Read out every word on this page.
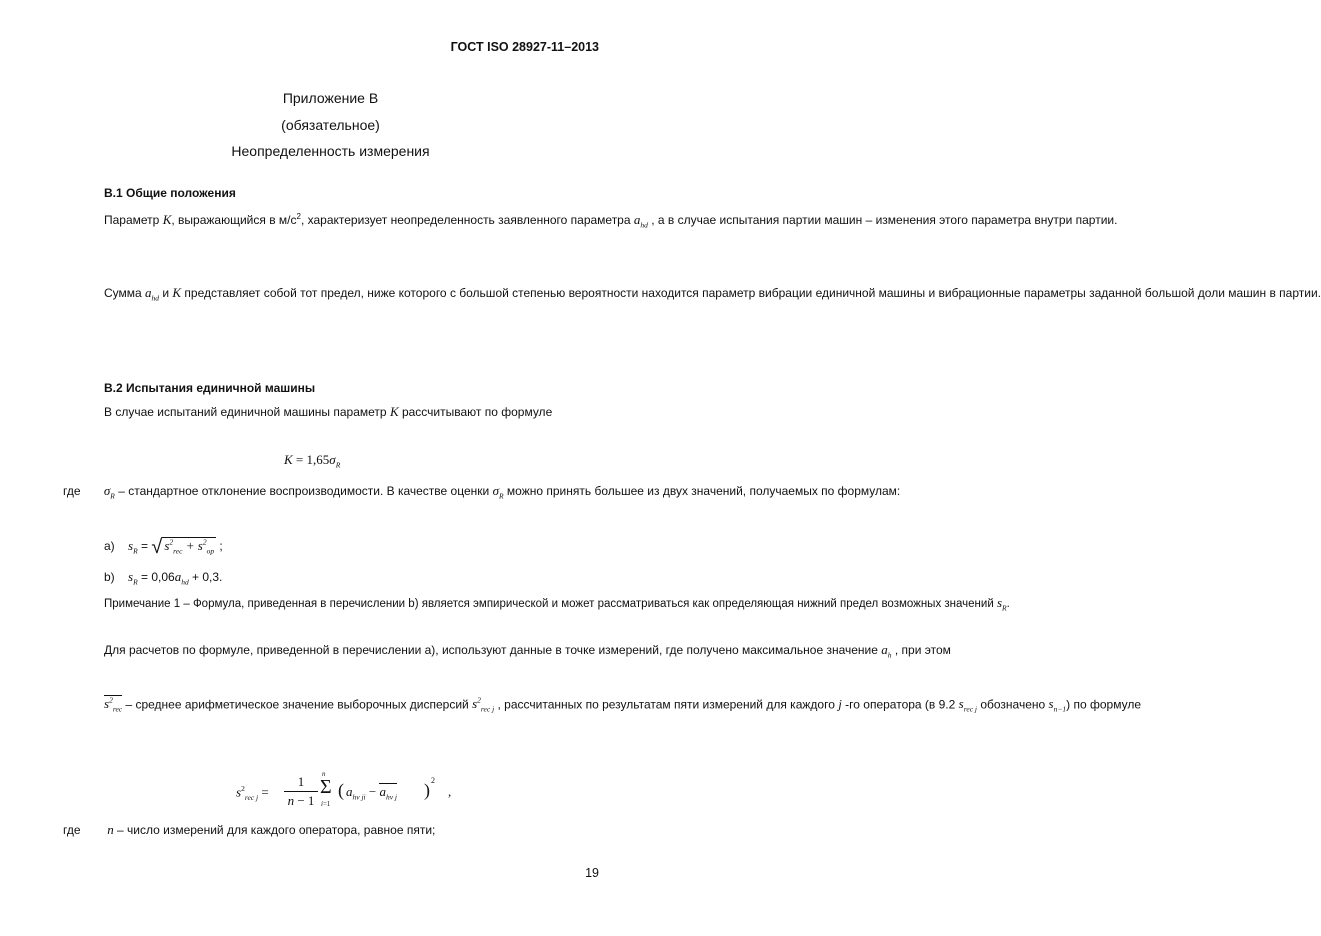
ГОСТ ISO 28927-11–2013
Приложение В
(обязательное)
Неопределенность измерения
В.1 Общие положения
Параметр K, выражающийся в $м/с^2$, характеризует неопределенность заявленного параметра $a_{hd}$ , а в случае испытания партии машин – изменения этого параметра внутри партии.
Сумма $a_{hd}$ и K представляет собой тот предел, ниже которого с большой степенью вероятности находится параметр вибрации единичной машины и вибрационные параметры заданной большой доли машин в партии.
В.2 Испытания единичной машины
В случае испытаний единичной машины параметр K рассчитывают по формуле
$K = 1,65\sigma_R$
где       $\sigma_R$ – стандартное отклонение воспроизводимости. В качестве оценки $\sigma_R$ можно принять большее из двух значений, получаемых по формулам:
а)    $s_R$ = √ $s^2_{rec} + s^2_{op}$ ;
b)    $s_R = 0,06a_{hd} + 0,3$.
Примечание 1 – Формула, приведенная в перечислении b) является эмпирической и может рассматриваться как определяющая нижний предел возможных значений $s_R$.
Для расчетов по формуле, приведенной в перечислении а), используют данные в точке измерений, где получено максимальное значение $a_h$ , при этом
$s^2_{rec}$ – среднее арифметическое значение выборочных дисперсий $s^2_{rec j}$ , рассчитанных по результатам пяти измерений для каждого j -го оператора (в 9.2 $s_{rec j}$ обозначено $s_{n-1}$) по формуле
$s^2_{rec j}$ =
1
n − 1
n
Σ
i=1
( $a_{hv ji} - a_{hv j}$ ) 2
,
где        n – число измерений для каждого оператора, равное пяти;
19
